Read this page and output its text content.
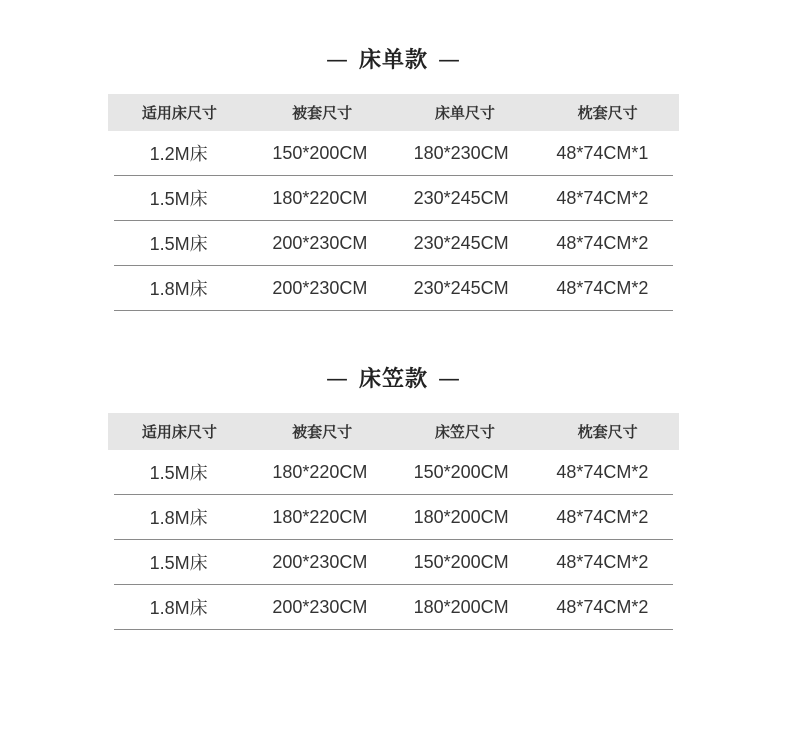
— 床单款 —
适用床尺寸	被套尺寸	床单尺寸	枕套尺寸
1.2M床	150*200CM	180*230CM	48*74CM*1
1.5M床	180*220CM	230*245CM	48*74CM*2
1.5M床	200*230CM	230*245CM	48*74CM*2
1.8M床	200*230CM	230*245CM	48*74CM*2
— 床笠款 —
适用床尺寸	被套尺寸	床笠尺寸	枕套尺寸
1.5M床	180*220CM	150*200CM	48*74CM*2
1.8M床	180*220CM	180*200CM	48*74CM*2
1.5M床	200*230CM	150*200CM	48*74CM*2
1.8M床	200*230CM	180*200CM	48*74CM*2
